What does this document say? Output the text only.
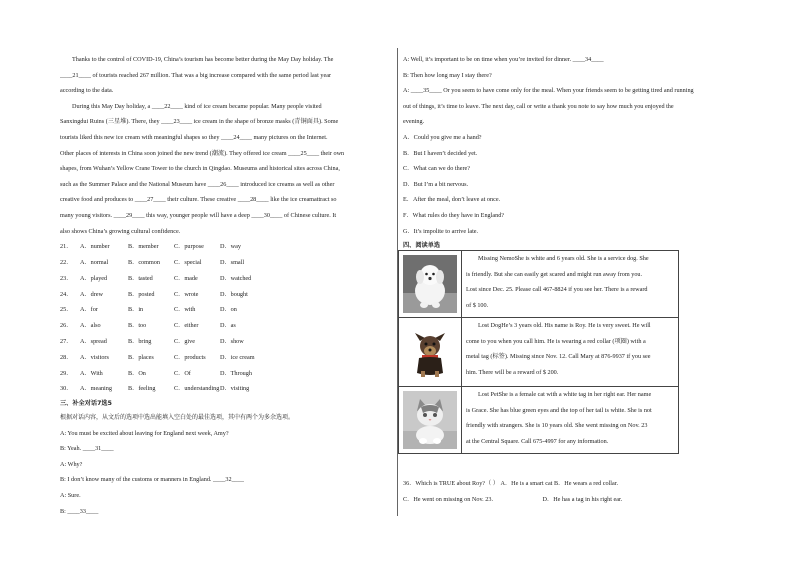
Thanks to the control of COVID-19, China’s tourism has become better during the May Day holiday. The

____21____ of tourists reached 267 million. That was a big increase compared with the same period last year

according to the data.

During this May Day holiday, a ____22____ kind of ice cream became popular. Many people visited

Sanxingdui Ruins (三星堆). There, they ____23____ ice cream in the shape of bronze masks (青铜面具). Some

tourists liked this new ice cream with meaningful shapes so they ____24____ many pictures on the Internet.

Other places of interests in China soon joined the new trend (潮流). They offered ice cream ____25____ their own

shapes, from Wuhan’s Yellow Crane Tower to the church in Qingdao. Museums and historical sites across China,

such as the Summer Palace and the National Museum have ____26____ introduced ice creams as well as other

creative food and produces to ____27____ their culture. These creative ____28____ like the ice creamattract so

many young visitors. ____29____ this way, younger people will have a deep ____30____ of Chinese culture. It

also shows China’s growing cultural confidence.

21．	A．number	B．member	C．purpose	D．way
22．	A．normal	B．common	C．special	D．small
23．	A．played	B．tasted	C．made	D．watched
24．	A．drew	B．posted	C．wrote	D．bought
25．	A．for	B．in	C．with	D．on
26．	A．also	B．too	C．either	D．as
27．	A．spread	B．bring	C．give	D．show
28．	A．visitors	B．places	C．products	D．ice cream
29．	A．With	B．On	C．Of	D．Through
30．	A．meaning	B．feeling	C．understanding D．visiting

三、补全对话7选5

根据对话内容，从文后的选项中选出能填入空白处的最佳选项，其中有两个为多余选项。

A: You must be excited about leaving for England next week, Amy?

B: Yeah. ____31____

A: Why?

B: I don’t know many of the customs or manners in England. ____32____

A: Sure.

B: ____33____

A: Well, it’s important to be on time when you’re invited for dinner. ____34____

B: Then how long may I stay there?

A: ____35____ Or you seem to have come only for the meal. When your friends seem to be getting tired and running

out of things, it’s time to leave. The next day, call or write a thank you note to say how much you enjoyed the

evening.

A．Could you give me a hand?

B．But I haven’t decided yet.

C．What can we do there?

D．But I’m a bit nervous.

E．After the meal, don’t leave at once.

F．What rules do they have in England?

G．It’s impolite to arrive late.

四、阅读单选

Missing NemoShe is white and 6 years old. She is a service dog. She

is friendly. But she can easily get scared and might run away from you.

Lost since Dec. 25. Please call 467-8824 if you see her. There is a reward

of $ 100.

Lost DogHe’s 3 years old. His name is Roy. He is very sweet. He will

come to you when you call him. He is wearing a red collar (项圈) with a

metal tag (标签). Missing since Nov. 12. Call Mary at 876-9937 if you see

him. There will be a reward of $ 200.

Lost PetShe is a female cat with a white tag in her right ear. Her name

is Grace. She has blue green eyes and the top of her tail is white. She is not

friendly with strangers. She is 10 years old. She went missing on Nov. 23

at the Central Square. Call 675-4997 for any information.

36．Which is TRUE about Roy?（ ） A．He is a smart cat B．He wears a red collar.

C．He went on missing on Nov. 23.	D．He has a tag in his right ear.
